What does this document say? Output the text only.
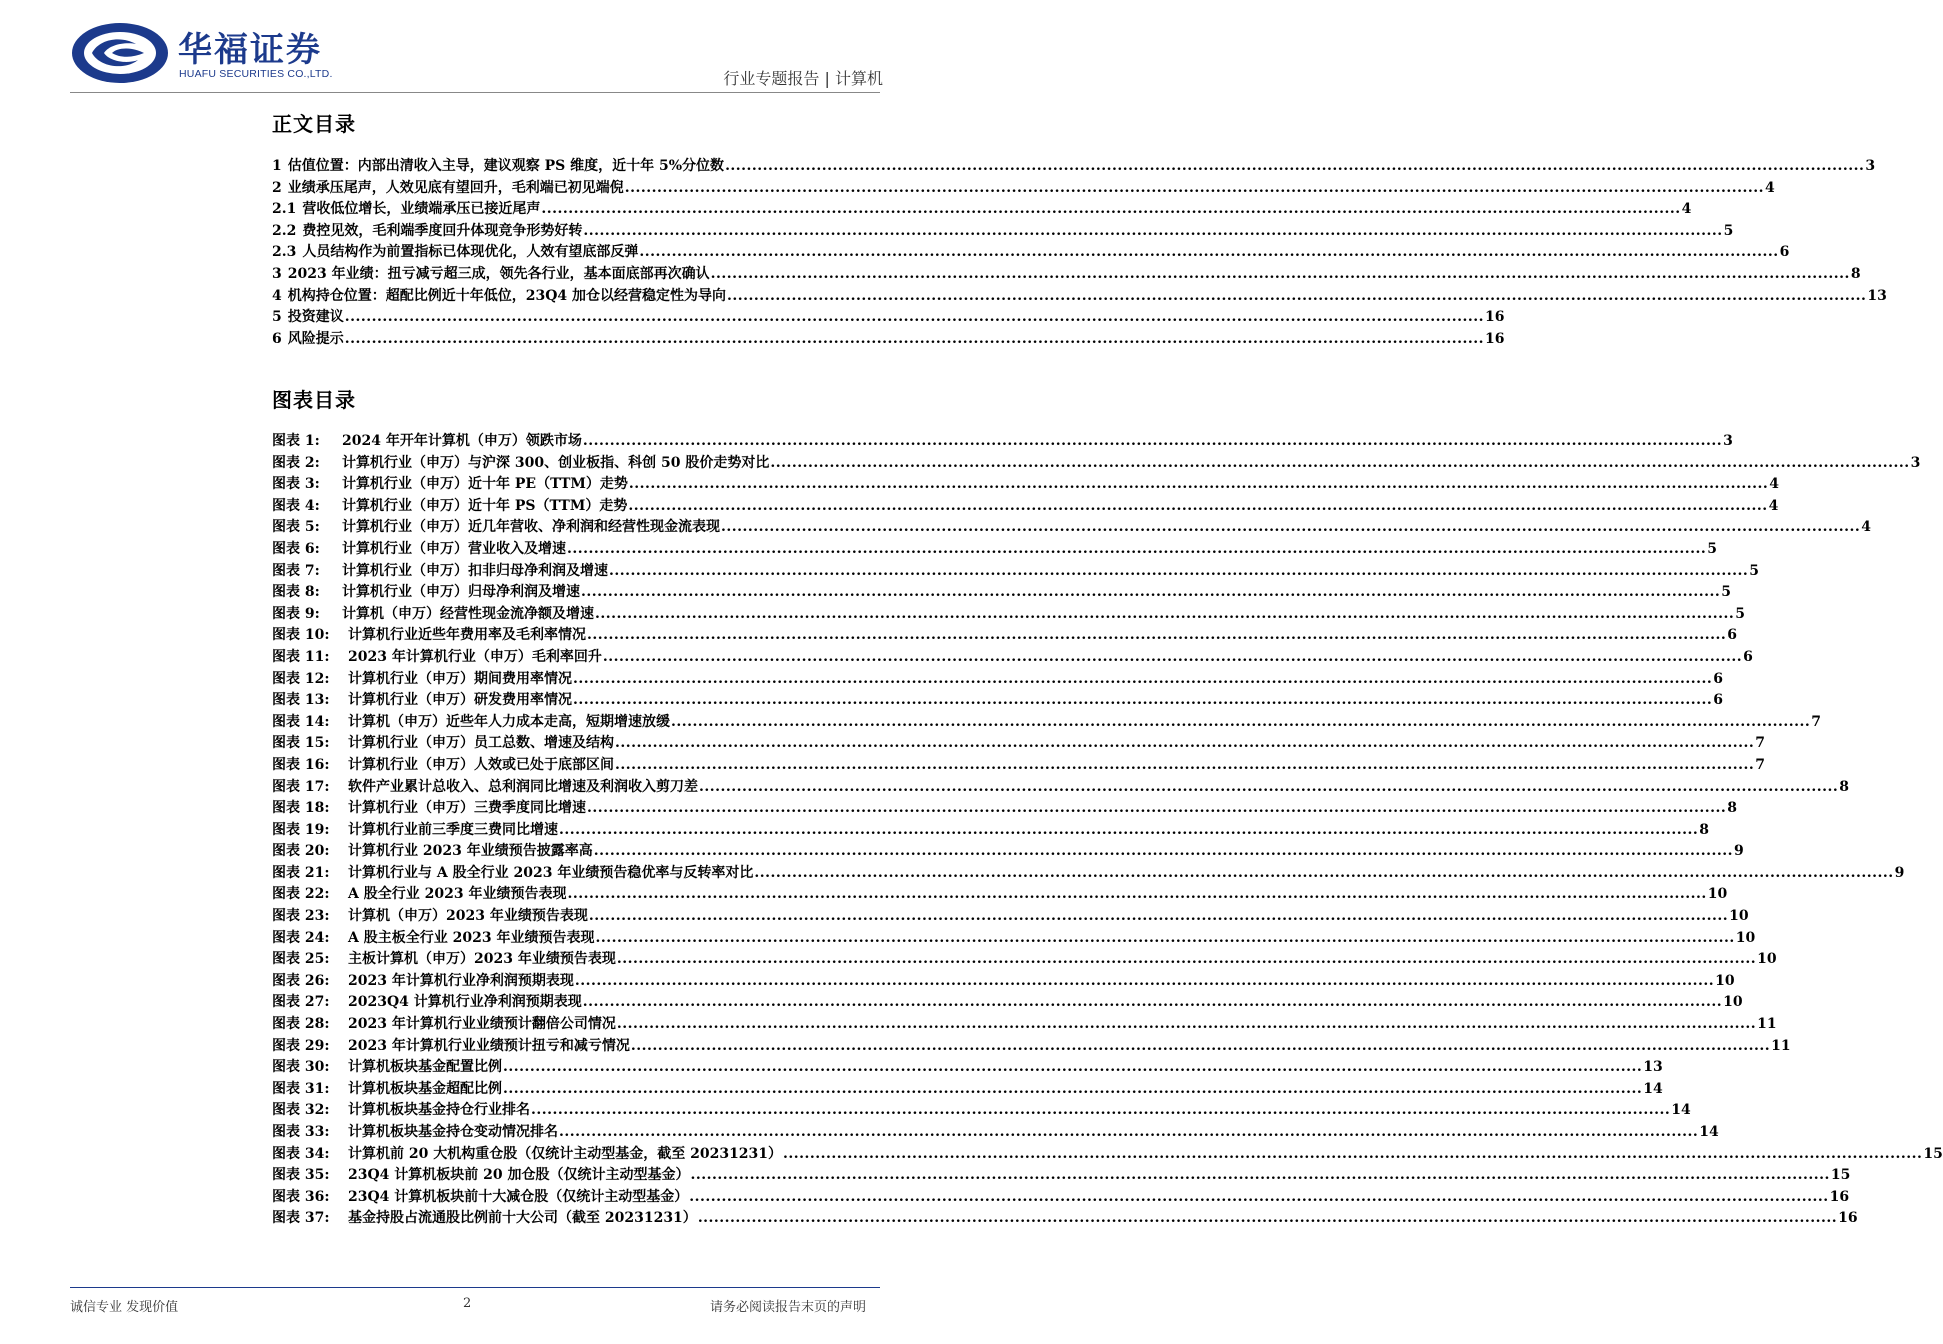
华福证券
HUAFU SECURITIES CO.,LTD.	行业专题报告 | 计算机
正文目录
1 估值位置：内部出清收入主导，建议观察 PS 维度，近十年 5%分位数 .....	3
2 业绩承压尾声，人效见底有望回升，毛利端已初见端倪 .....	4
2.1 营收低位增长，业绩端承压已接近尾声 .....	4
2.2 费控见效，毛利端季度回升体现竞争形势好转 .....	5
2.3 人员结构作为前置指标已体现优化，人效有望底部反弹 .....	6
3 2023 年业绩：扭亏减亏超三成，领先各行业，基本面底部再次确认 .....	8
4 机构持仓位置：超配比例近十年低位，23Q4 加仓以经营稳定性为导向 .....	13
5 投资建议 .....	16
6 风险提示 .....	16
图表目录
图表 1:	2024 年开年计算机（申万）领跌市场 .....	3
图表 2:	计算机行业（申万）与沪深 300、创业板指、科创 50 股价走势对比 .....	3
图表 3:	计算机行业（申万）近十年 PE（TTM）走势 .....	4
图表 4:	计算机行业（申万）近十年 PS（TTM）走势 .....	4
图表 5:	计算机行业（申万）近几年营收、净利润和经营性现金流表现 .....	4
图表 6:	计算机行业（申万）营业收入及增速 .....	5
图表 7:	计算机行业（申万）扣非归母净利润及增速 .....	5
图表 8:	计算机行业（申万）归母净利润及增速 .....	5
图表 9:	计算机（申万）经营性现金流净额及增速 .....	5
图表 10:	计算机行业近些年费用率及毛利率情况 .....	6
图表 11:	2023 年计算机行业（申万）毛利率回升 .....	6
图表 12:	计算机行业（申万）期间费用率情况 .....	6
图表 13:	计算机行业（申万）研发费用率情况 .....	6
图表 14:	计算机（申万）近些年人力成本走高，短期增速放缓 .....	7
图表 15:	计算机行业（申万）员工总数、增速及结构 .....	7
图表 16:	计算机行业（申万）人效或已处于底部区间 .....	7
图表 17:	软件产业累计总收入、总利润同比增速及利润收入剪刀差 .....	8
图表 18:	计算机行业（申万）三费季度同比增速 .....	8
图表 19:	计算机行业前三季度三费同比增速 .....	8
图表 20:	计算机行业 2023 年业绩预告披露率高 .....	9
图表 21:	计算机行业与 A 股全行业 2023 年业绩预告稳优率与反转率对比 .....	9
图表 22:	A 股全行业 2023 年业绩预告表现 .....	10
图表 23:	计算机（申万）2023 年业绩预告表现 .....	10
图表 24:	A 股主板全行业 2023 年业绩预告表现 .....	10
图表 25:	主板计算机（申万）2023 年业绩预告表现 .....	10
图表 26:	2023 年计算机行业净利润预期表现 .....	10
图表 27:	2023Q4 计算机行业净利润预期表现 .....	10
图表 28:	2023 年计算机行业业绩预计翻倍公司情况 .....	11
图表 29:	2023 年计算机行业业绩预计扭亏和减亏情况 .....	11
图表 30:	计算机板块基金配置比例 .....	13
图表 31:	计算机板块基金超配比例 .....	14
图表 32:	计算机板块基金持仓行业排名 .....	14
图表 33:	计算机板块基金持仓变动情况排名 .....	14
图表 34:	计算机前 20 大机构重仓股（仅统计主动型基金，截至 20231231） .....	15
图表 35:	23Q4 计算机板块前 20 加仓股（仅统计主动型基金） .....	15
图表 36:	23Q4 计算机板块前十大减仓股（仅统计主动型基金） .....	16
图表 37:	基金持股占流通股比例前十大公司（截至 20231231） .....	16
诚信专业 发现价值	2	请务必阅读报告末页的声明
